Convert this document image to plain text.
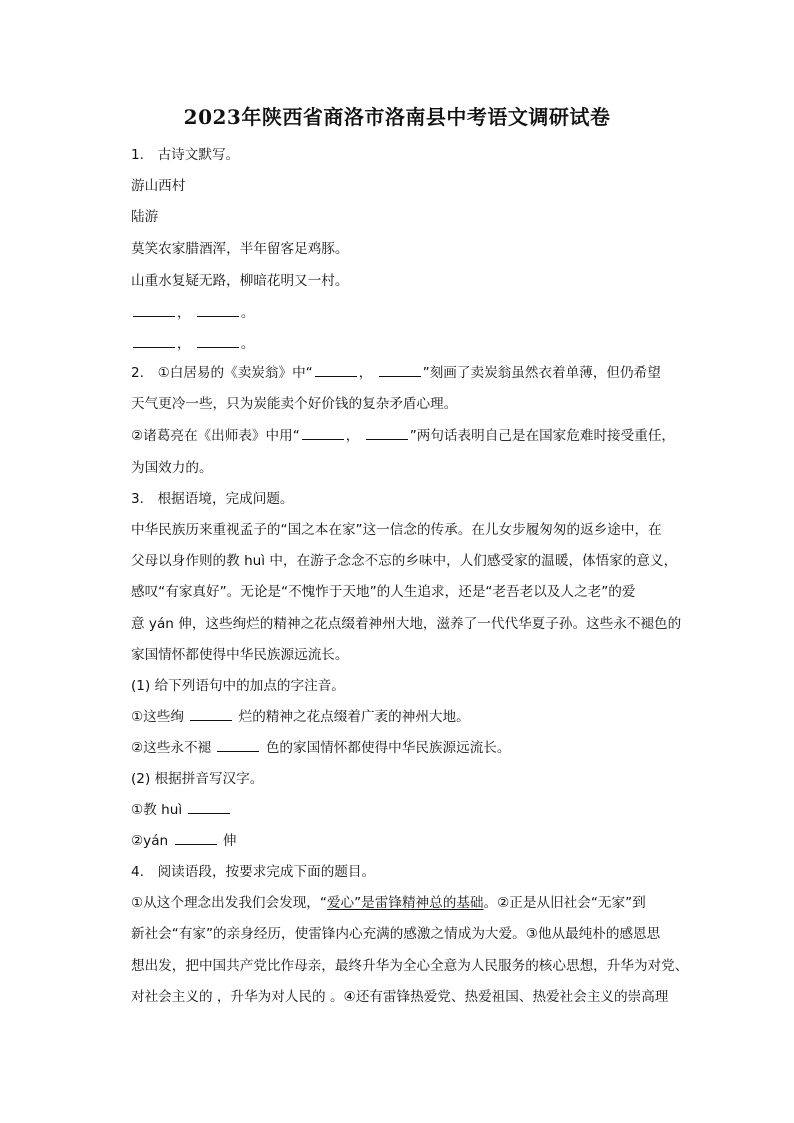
2023年陕西省商洛市洛南县中考语文调研试卷
1.　古诗文默写。
游山西村
陆游
莫笑农家腊酒浑，半年留客足鸡豚。
山重水复疑无路，柳暗花明又一村。
，	。
，	。
2.　①白居易的《卖炭翁》中“	，	”刻画了卖炭翁虽然衣着单薄，但仍希望
天气更冷一些，只为炭能卖个好价钱的复杂矛盾心理。
②诸葛亮在《出师表》中用“	，	”两句话表明自己是在国家危难时接受重任，
为国效力的。
3.　根据语境，完成问题。
中华民族历来重视孟子的“国之本在家”这一信念的传承。在儿女步履匆匆的返乡途中，在
父母以身作则的教 huì 中，在游子念念不忘的乡味中，人们感受家的温暖，体悟家的意义，
感叹“有家真好”。无论是“不愧怍于天地”的人生追求，还是“老吾老以及人之老”的爱
意 yán 伸，这些绚烂的精神之花点缀着神州大地，滋养了一代代华夏子孙。这些永不褪色的
家国情怀都使得中华民族源远流长。
(1) 给下列语句中的加点的字注音。
①这些绚	烂的精神之花点缀着广袤的神州大地。
②这些永不褪	色的家国情怀都使得中华民族源远流长。
(2) 根据拼音写汉字。
①教 huì
②yán	伸
4.　阅读语段，按要求完成下面的题目。
①从这个理念出发我们会发现，“爱心”是雷锋精神总的基础。②正是从旧社会“无家”到
新社会“有家”的亲身经历，使雷锋内心充满的感激之情成为大爱。③他从最纯朴的感恩思
想出发，把中国共产党比作母亲，最终升华为全心全意为人民服务的核心思想，升华为对党、
对社会主义的 ，升华为对人民的 。④还有雷锋热爱党、热爱祖国、热爱社会主义的崇高理
